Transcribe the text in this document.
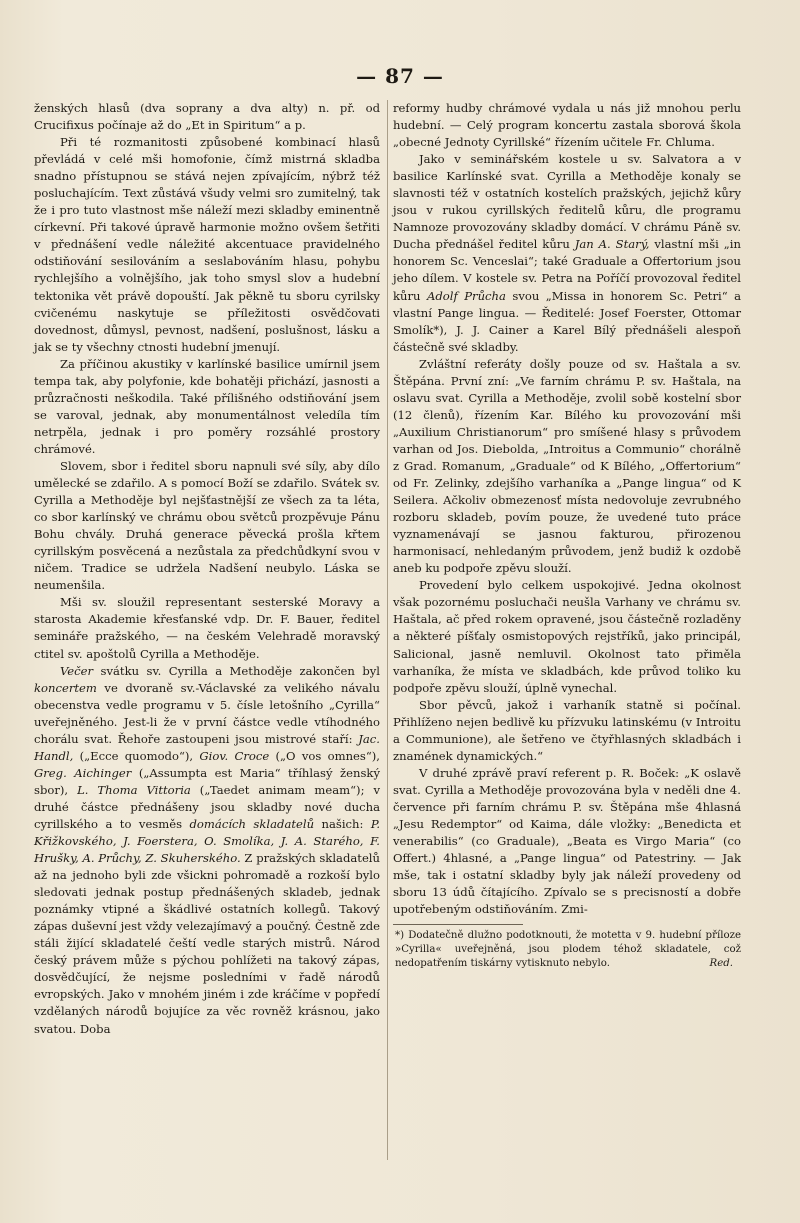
— 87 —

ženských hlasů (dva soprany a dva alty) n. př. od Crucifixus počínaje až do „Et in Spiritum“ a p.

Při té rozmanitosti způsobené kombinací hlasů převládá v celé mši homofonie, čímž mistrná skladba snadno přístupnou se stává nejen zpívajícím, nýbrž též posluchajícím. Text zůstává všudy velmi sro zumitelný, tak že i pro tuto vlastnost mše náleží mezi skladby eminentně církevní. Při takové úpravě harmonie možno ovšem šetřiti v přednášení vedle náležité akcentuace pravidelného odstiňování sesilováním a seslabováním hlasu, pohybu rychlejšího a volnějšího, jak toho smysl slov a hudební tektonika vět právě dopouští. Jak pěkně tu sboru cyrilsky cvičenému naskytuje se příležitosti osvědčovati dovednost, důmysl, pevnost, nadšení, poslušnost, lásku a jak se ty všechny ctnosti hudební jmenují.

Za příčinou akustiky v karlínské basilice umírnil jsem tempa tak, aby polyfonie, kde bohatěji přichází, jasnosti a průzračnosti neškodila. Také přílišného odstiňování jsem se varoval, jednak, aby monumentálnost veledíla tím netrpěla, jednak i pro poměry rozsáhlé prostory chrámové.

Slovem, sbor i ředitel sboru napnuli své síly, aby dílo umělecké se zdařilo. A s pomocí Boží se zdařilo. Svátek sv. Cyrilla a Methoděje byl nejšťastnější ze všech za ta léta, co sbor karlínský ve chrámu obou světců prozpěvuje Pánu Bohu chvály. Druhá generace pěvecká prošla křtem cyrillským posvěcená a nezůstala za předchůdkyní svou v ničem. Tradice se udržela Nadšení neubylo. Láska se neumenšila.

Mši sv. sloužil representant sesterské Moravy a starosta Akademie křesťanské vdp. Dr. F. Bauer, ředitel semináře pražského, — na českém Velehradě moravský ctitel sv. apoštolů Cyrilla a Methoděje.

Večer svátku sv. Cyrilla a Methoděje zakončen byl koncertem ve dvoraně sv.-Václavské za velikého návalu obecenstva vedle programu v 5. čísle letošního „Cyrilla“ uveřejněného. Jest-li že v první částce vedle vtíhodného chorálu svat. Řehoře zastoupeni jsou mistrové staří: Jac. Handl, („Ecce quomodo“), Giov. Croce („O vos omnes“), Greg. Aichinger („Assumpta est Maria“ tříhlasý ženský sbor), L. Thoma Vittoria („Taedet animam meam“); v druhé částce přednášeny jsou skladby nové ducha cyrillského a to vesměs domácích skladatelů našich: P. Křižkovského, J. Foerstera, O. Smolíka, J. A. Starého, F. Hrušky, A. Průchy, Z. Skuherského. Z pražských skladatelů až na jednoho byli zde všickni pohromadě a rozkoší bylo sledovati jednak postup přednášených skladeb, jednak poznámky vtipné a škádlivé ostatních kollegů. Takový zápas duševní jest vždy velezajímavý a poučný. Čestně zde stáli žijící skladatelé čeští vedle starých mistrů. Národ český právem může s pýchou pohlížeti na takový zápas, dosvědčující, že nejsme posledními v řadě národů evropských. Jako v mnohém jiném i zde kráčíme v popředí vzdělaných národů bojujíce za věc rovněž krásnou, jako svatou. Doba

reformy hudby chrámové vydala u nás již mnohou perlu hudební. — Celý program koncertu zastala sborová škola „obecné Jednoty Cyrillské“ řízením učitele Fr. Chluma.

Jako v seminářském kostele u sv. Salvatora a v basilice Karlínské svat. Cyrilla a Methoděje konaly se slavnosti též v ostatních kostelích pražských, jejichž kůry jsou v rukou cyrillských ředitelů kůru, dle programu Namnoze provozovány skladby domácí. V chrámu Páně sv. Ducha přednášel ředitel kůru Jan A. Starý, vlastní mši „in honorem Sc. Venceslai“; také Graduale a Offertorium jsou jeho dílem. V kostele sv. Petra na Poříčí provozoval ředitel kůru Adolf Průcha svou „Missa in honorem Sc. Petri“ a vlastní Pange lingua. — Ředitelé: Josef Foerster, Ottomar Smolík*), J. J. Cainer a Karel Bílý přednášeli alespoň částečně své skladby.

Zvláštní referáty došly pouze od sv. Haštala a sv. Štěpána. První zní: „Ve farním chrámu P. sv. Haštala, na oslavu svat. Cyrilla a Methoděje, zvolil sobě kostelní sbor (12 členů), řízením Kar. Bílého ku provozování mši „Auxilium Christianorum“ pro smíšené hlasy s průvodem varhan od Jos. Diebolda, „Introitus a Communio“ chorálně z Grad. Romanum, „Graduale“ od K Bílého, „Offertorium“ od Fr. Zelinky, zdejšího varhaníka a „Pange lingua“ od K Seilera. Ačkoliv obmezenosť místa nedovoluje zevrubného rozboru skladeb, povím pouze, že uvedené tuto práce vyznamenávají se jasnou fakturou, přirozenou harmonisací, nehledaným průvodem, jenž budiž k ozdobě aneb ku podpoře zpěvu slouží.

Provedení bylo celkem uspokojivé. Jedna okolnost však pozornému posluchači neušla Varhany ve chrámu sv. Haštala, ač před rokem opravené, jsou částečně rozladěny a některé píšťaly osmistopových rejstříků, jako principál, Salicional, jasně nemluvil. Okolnost tato přiměla varhaníka, že místa ve skladbách, kde průvod toliko ku podpoře zpěvu slouží, úplně vynechal.

Sbor pěvců, jakož i varhaník statně si počínal. Přihlíženo nejen bedlivě ku přízvuku latinskému (v Introitu a Communione), ale šetřeno ve čtyřhlasných skladbách i znamének dynamických.“

V druhé zprávě praví referent p. R. Boček: „K oslavě svat. Cyrilla a Methoděje provozována byla v neděli dne 4. července při farním chrámu P. sv. Štěpána mše 4hlasná „Jesu Redemptor“ od Kaima, dále vložky: „Benedicta et venerabilis“ (co Graduale), „Beata es Virgo Maria“ (co Offert.) 4hlasné, a „Pange lingua“ od Patestriny. — Jak mše, tak i ostatní skladby byly jak náleží provedeny od sboru 13 údů čítajícího. Zpívalo se s precisností a dobře upotřebeným odstiňováním. Zmi-

*) Dodatečně dlužno podotknouti, že motetta v 9. hudební příloze »Cyrilla« uveřejněná, jsou plodem téhož skladatele, což nedopatřením tiskárny vytisknuto nebylo.	Red.
